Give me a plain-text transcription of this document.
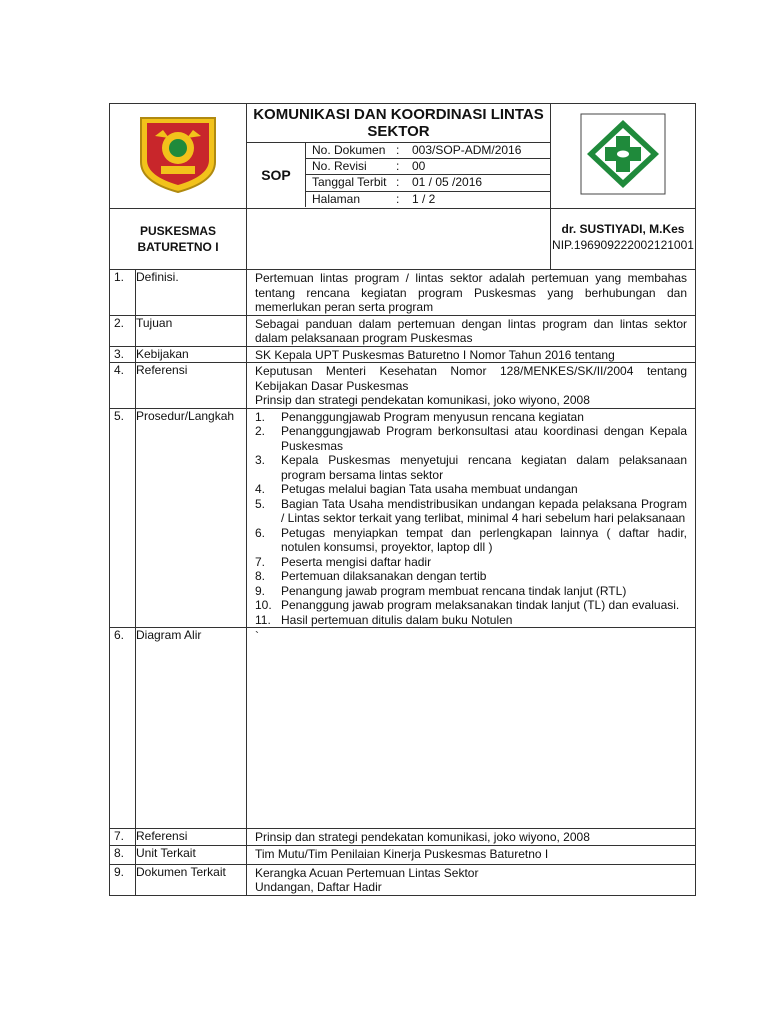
KOMUNIKASI DAN KOORDINASI LINTAS SEKTOR
SOP
No. Dokumen	:	003/SOP-ADM/2016
No. Revisi	:	00
Tanggal Terbit	:	01 / 05 /2016
Halaman	:	1 / 2

PUSKESMAS
BATURETNO I

dr. SUSTIYADI, M.Kes
NIP.196909222002121001

1.	Definisi.	Pertemuan lintas program / lintas sektor adalah pertemuan yang membahas tentang rencana kegiatan program Puskesmas yang berhubungan dan memerlukan peran serta program
2.	Tujuan	Sebagai panduan dalam pertemuan dengan lintas program dan lintas sektor dalam pelaksanaan program Puskesmas
3.	Kebijakan	SK Kepala UPT Puskesmas Baturetno I Nomor Tahun 2016 tentang
4.	Referensi	Keputusan Menteri Kesehatan Nomor 128/MENKES/SK/II/2004 tentang Kebijakan Dasar Puskesmas
Prinsip dan strategi pendekatan komunikasi, joko wiyono, 2008

5.	Prosedur/Langkah	1.	Penanggungjawab Program menyusun rencana kegiatan
2.	Penanggungjawab Program berkonsultasi atau koordinasi dengan Kepala Puskesmas
3.	Kepala Puskesmas menyetujui rencana kegiatan dalam pelaksanaan program bersama lintas sektor
4.	Petugas melalui bagian Tata usaha membuat undangan
5.	Bagian Tata Usaha mendistribusikan undangan kepada pelaksana Program / Lintas sektor terkait yang terlibat, minimal 4 hari sebelum hari pelaksanaan
6.	Petugas menyiapkan tempat dan perlengkapan lainnya ( daftar hadir, notulen konsumsi, proyektor, laptop dll )
7.	Peserta mengisi daftar hadir
8.	Pertemuan dilaksanakan dengan tertib
9.	Penangung jawab program membuat rencana tindak lanjut (RTL)
10. Penanggung jawab program melaksanakan tindak lanjut (TL) dan evaluasi.
11. Hasil pertemuan ditulis dalam buku Notulen

6.	Diagram Alir	`
7.	Referensi	Prinsip dan strategi pendekatan komunikasi, joko wiyono, 2008
8.	Unit Terkait	Tim Mutu/Tim Penilaian Kinerja Puskesmas Baturetno I
9.	Dokumen Terkait	Kerangka Acuan Pertemuan Lintas Sektor
Undangan, Daftar Hadir
